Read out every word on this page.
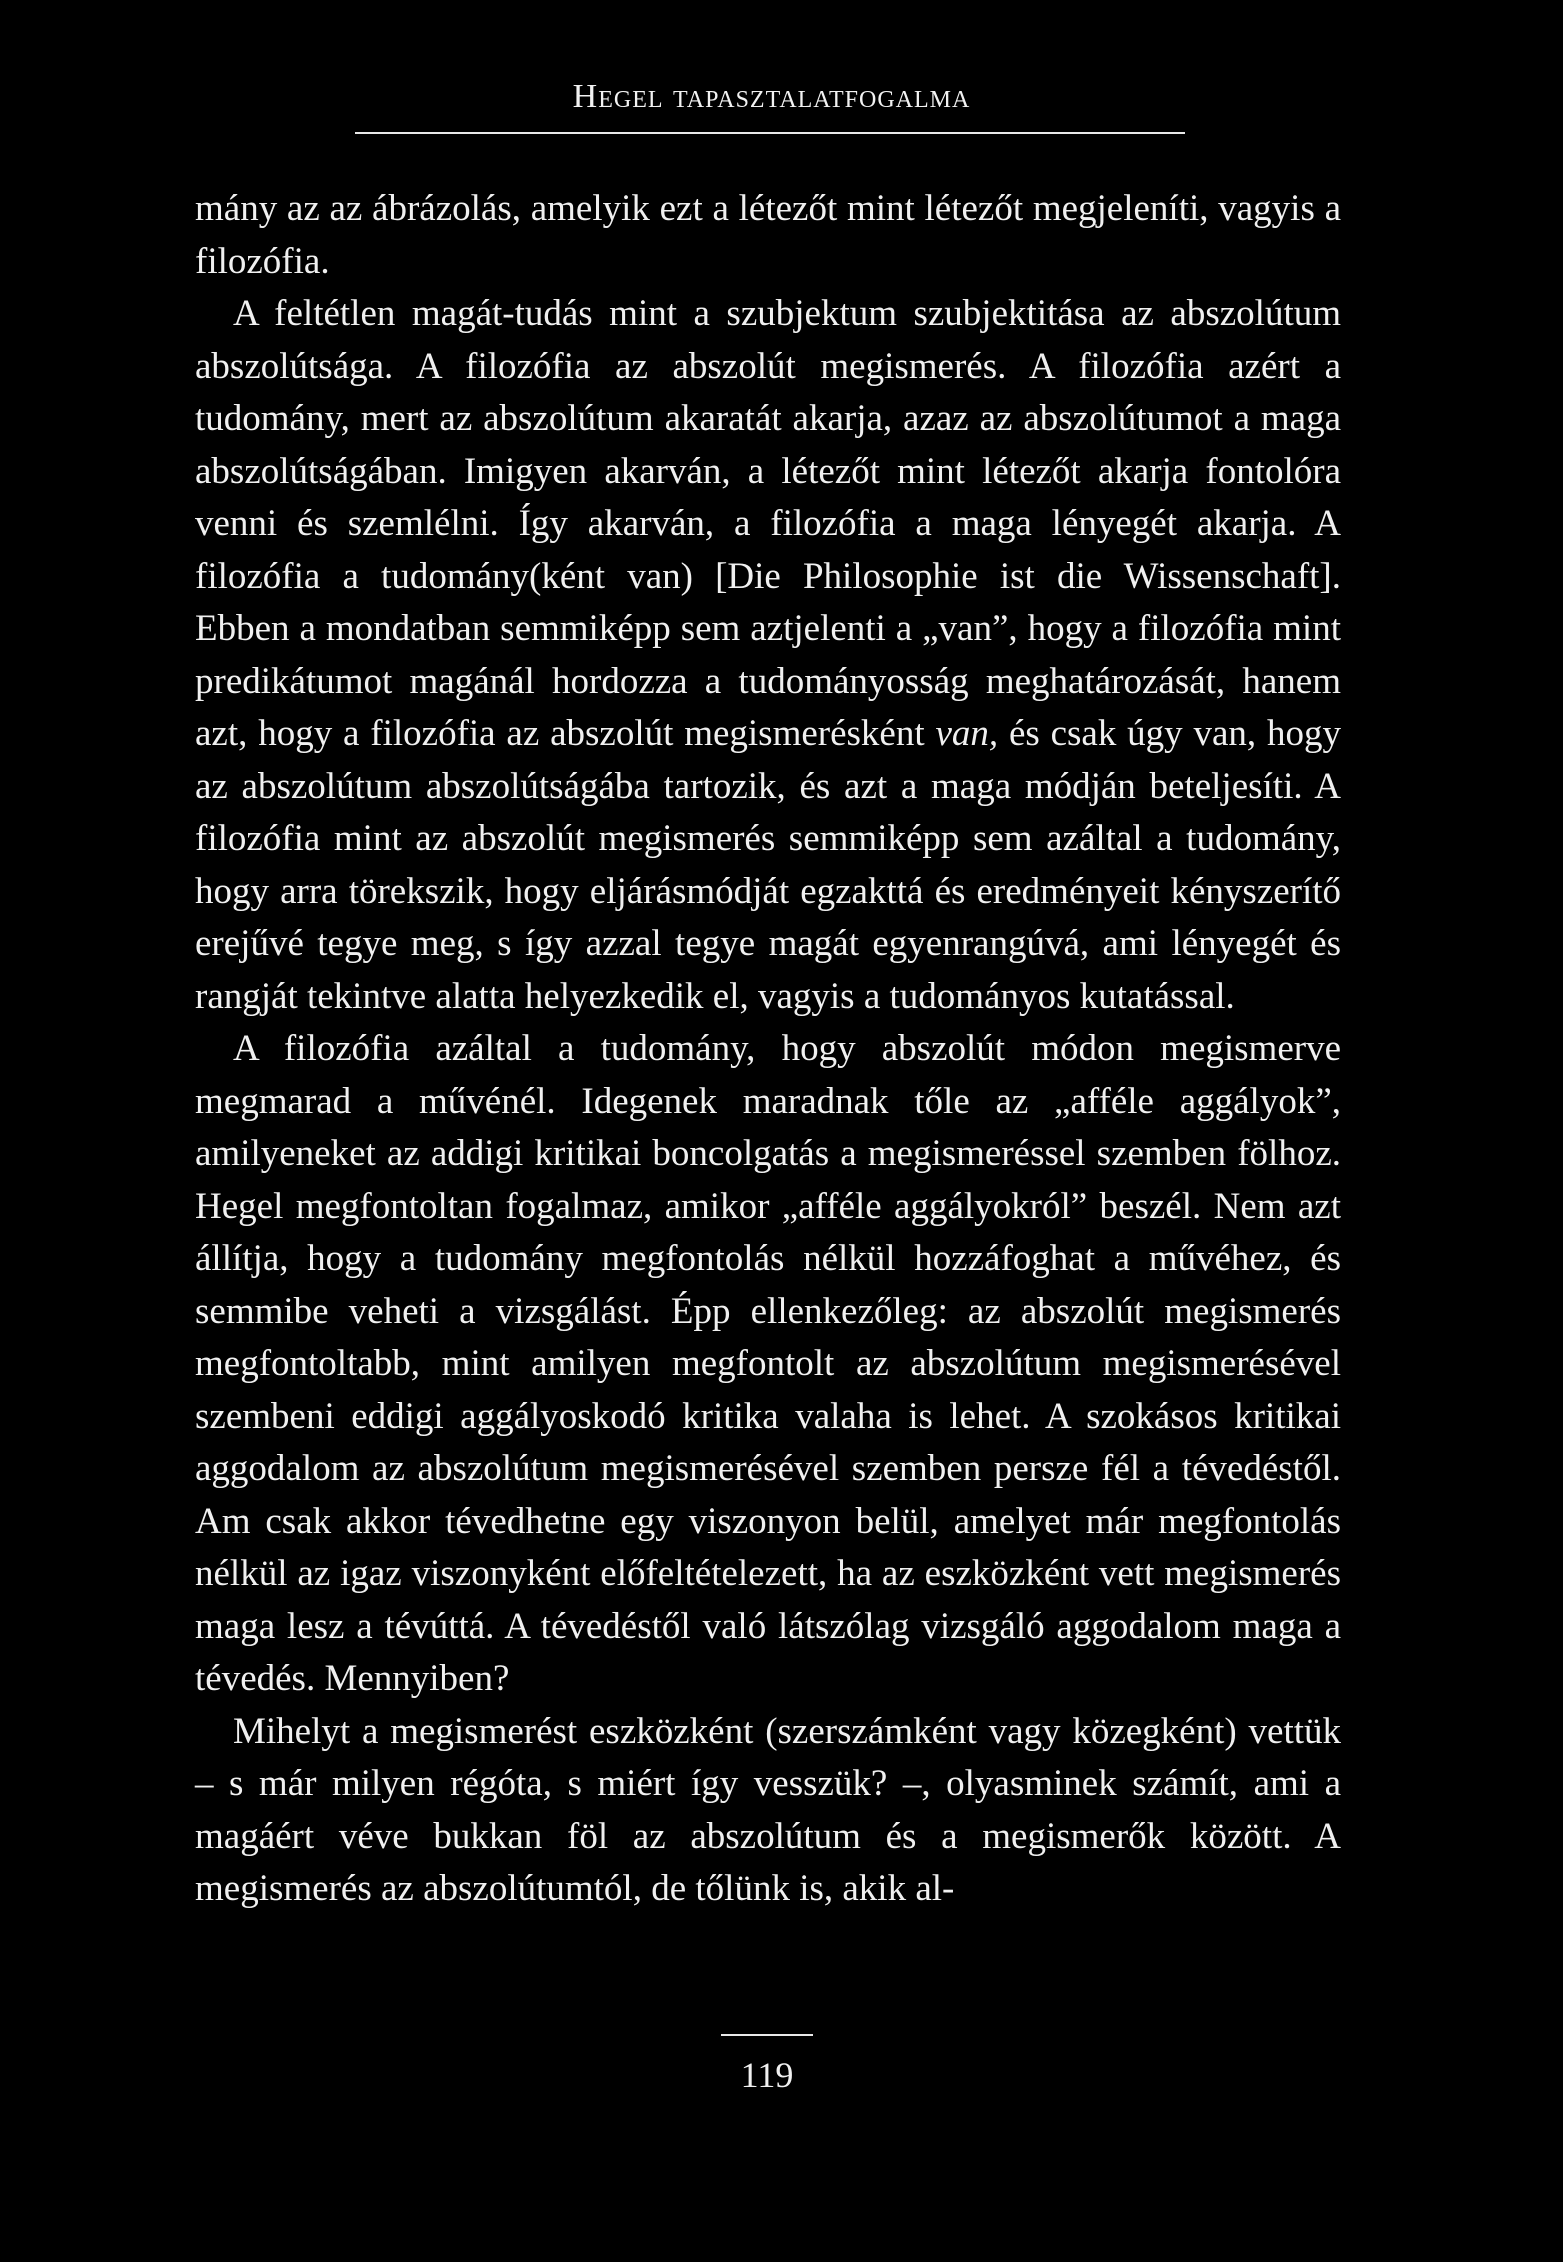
Hegel tapasztalatfogalma

mány az az ábrázolás, amelyik ezt a létezőt mint létezőt megjeleníti, vagyis a filozófia.

A feltétlen magát-tudás mint a szubjektum szubjektitása az abszolútum abszolútsága. A filozófia az abszolút megismerés. A filozófia azért a tudomány, mert az abszolútum akaratát akarja, azaz az abszolútumot a maga abszolútságában. Imigyen akarván, a létezőt mint létezőt akarja fontolóra venni és szemlélni. Így akarván, a filozófia a maga lényegét akarja. A filozófia a tudomány(ként van) [Die Philosophie ist die Wissenschaft]. Ebben a mondatban semmiképp sem aztjelenti a „van”, hogy a filozófia mint predikátumot magánál hordozza a tudományosság meghatározását, hanem azt, hogy a filozófia az abszolút megismerésként van, és csak úgy van, hogy az abszolútum abszolútságába tartozik, és azt a maga módján beteljesíti. A filozófia mint az abszolút megismerés semmiképp sem azáltal a tudomány, hogy arra törekszik, hogy eljárásmódját egzakttá és eredményeit kényszerítő erejűvé tegye meg, s így azzal tegye magát egyenrangúvá, ami lényegét és rangját tekintve alatta helyezkedik el, vagyis a tudományos kutatással.

A filozófia azáltal a tudomány, hogy abszolút módon megismerve megmarad a művénél. Idegenek maradnak tőle az „afféle aggályok”, amilyeneket az addigi kritikai boncolgatás a megismeréssel szemben fölhoz. Hegel megfontoltan fogalmaz, amikor „afféle aggályokról” beszél. Nem azt állítja, hogy a tudomány megfontolás nélkül hozzáfoghat a művéhez, és semmibe veheti a vizsgálást. Épp ellenkezőleg: az abszolút megismerés megfontoltabb, mint amilyen megfontolt az abszolútum megismerésével szembeni eddigi aggályoskodó kritika valaha is lehet. A szokásos kritikai aggodalom az abszolútum megismerésével szemben persze fél a tévedéstől. Am csak akkor tévedhetne egy viszonyon belül, amelyet már megfontolás nélkül az igaz viszonyként előfeltételezett, ha az eszközként vett megismerés maga lesz a tévúttá. A tévedéstől való látszólag vizsgáló aggodalom maga a tévedés. Mennyiben?

Mihelyt a megismerést eszközként (szerszámként vagy közegként) vettük – s már milyen régóta, s miért így vesszük? –, olyasminek számít, ami a magáért véve bukkan föl az abszolútum és a megismerők között. A megismerés az abszolútumtól, de tőlünk is, akik al-

119
